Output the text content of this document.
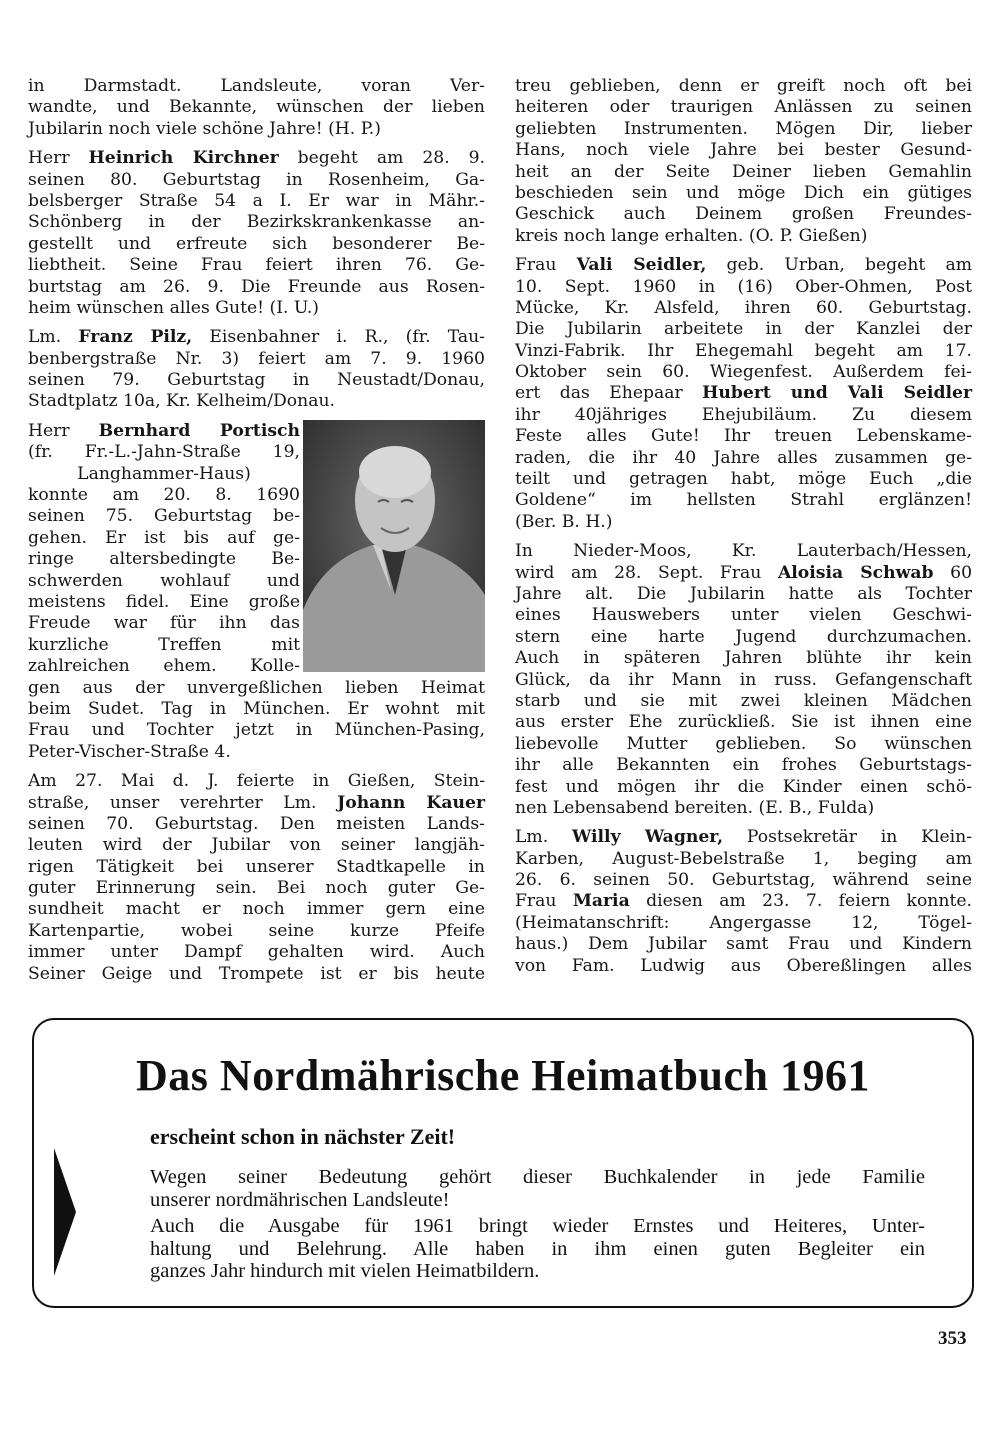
in Darmstadt. Landsleute, voran Ver-
wandte, und Bekannte, wünschen der lieben
Jubilarin noch viele schöne Jahre! (H. P.)
Herr Heinrich Kirchner begeht am 28. 9.
seinen 80. Geburtstag in Rosenheim, Ga-
belsberger Straße 54 a I. Er war in Mähr.-
Schönberg in der Bezirkskrankenkasse an-
gestellt und erfreute sich besonderer Be-
liebtheit. Seine Frau feiert ihren 76. Ge-
burtstag am 26. 9. Die Freunde aus Rosen-
heim wünschen alles Gute! (I. U.)
Lm. Franz Pilz, Eisenbahner i. R., (fr. Tau-
benbergstraße Nr. 3) feiert am 7. 9. 1960
seinen 79. Geburtstag in Neustadt/Donau,
Stadtplatz 10a, Kr. Kelheim/Donau.
Herr Bernhard Portisch
(fr. Fr.-L.-Jahn-Straße 19,
Langhammer-Haus)
konnte am 20. 8. 1690
seinen 75. Geburtstag be-
gehen. Er ist bis auf ge-
ringe altersbedingte Be-
schwerden wohlauf und
meistens fidel. Eine große
Freude war für ihn das
kurzliche Treffen mit
zahlreichen ehem. Kolle-
gen aus der unvergeßlichen lieben Heimat
beim Sudet. Tag in München. Er wohnt mit
Frau und Tochter jetzt in München-Pasing,
Peter-Vischer-Straße 4.
Am 27. Mai d. J. feierte in Gießen, Stein-
straße, unser verehrter Lm. Johann Kauer
seinen 70. Geburtstag. Den meisten Lands-
leuten wird der Jubilar von seiner langjäh-
rigen Tätigkeit bei unserer Stadtkapelle in
guter Erinnerung sein. Bei noch guter Ge-
sundheit macht er noch immer gern eine
Kartenpartie, wobei seine kurze Pfeife
immer unter Dampf gehalten wird. Auch
Seiner Geige und Trompete ist er bis heute
treu geblieben, denn er greift noch oft bei
heiteren oder traurigen Anlässen zu seinen
geliebten Instrumenten. Mögen Dir, lieber
Hans, noch viele Jahre bei bester Gesund-
heit an der Seite Deiner lieben Gemahlin
beschieden sein und möge Dich ein gütiges
Geschick auch Deinem großen Freundes-
kreis noch lange erhalten. (O. P. Gießen)
Frau Vali Seidler, geb. Urban, begeht am
10. Sept. 1960 in (16) Ober-Ohmen, Post
Mücke, Kr. Alsfeld, ihren 60. Geburtstag.
Die Jubilarin arbeitete in der Kanzlei der
Vinzi-Fabrik. Ihr Ehegemahl begeht am 17.
Oktober sein 60. Wiegenfest. Außerdem fei-
ert das Ehepaar Hubert und Vali Seidler
ihr 40jähriges Ehejubiläum. Zu diesem
Feste alles Gute! Ihr treuen Lebenskame-
raden, die ihr 40 Jahre alles zusammen ge-
teilt und getragen habt, möge Euch „die
Goldene“ im hellsten Strahl erglänzen!
(Ber. B. H.)
In Nieder-Moos, Kr. Lauterbach/Hessen,
wird am 28. Sept. Frau Aloisia Schwab 60
Jahre alt. Die Jubilarin hatte als Tochter
eines Hauswebers unter vielen Geschwi-
stern eine harte Jugend durchzumachen.
Auch in späteren Jahren blühte ihr kein
Glück, da ihr Mann in russ. Gefangenschaft
starb und sie mit zwei kleinen Mädchen
aus erster Ehe zurückließ. Sie ist ihnen eine
liebevolle Mutter geblieben. So wünschen
ihr alle Bekannten ein frohes Geburtstags-
fest und mögen ihr die Kinder einen schö-
nen Lebensabend bereiten. (E. B., Fulda)
Lm. Willy Wagner, Postsekretär in Klein-
Karben, August-Bebelstraße 1, beging am
26. 6. seinen 50. Geburtstag, während seine
Frau Maria diesen am 23. 7. feiern konnte.
(Heimatanschrift: Angergasse 12, Tögel-
haus.) Dem Jubilar samt Frau und Kindern
von Fam. Ludwig aus Obereßlingen alles
Das Nordmährische Heimatbuch 1961
erscheint schon in nächster Zeit!
Wegen seiner Bedeutung gehört dieser Buchkalender in jede Familie
unserer nordmährischen Landsleute!
Auch die Ausgabe für 1961 bringt wieder Ernstes und Heiteres, Unter-
haltung und Belehrung. Alle haben in ihm einen guten Begleiter ein
ganzes Jahr hindurch mit vielen Heimatbildern.
353
